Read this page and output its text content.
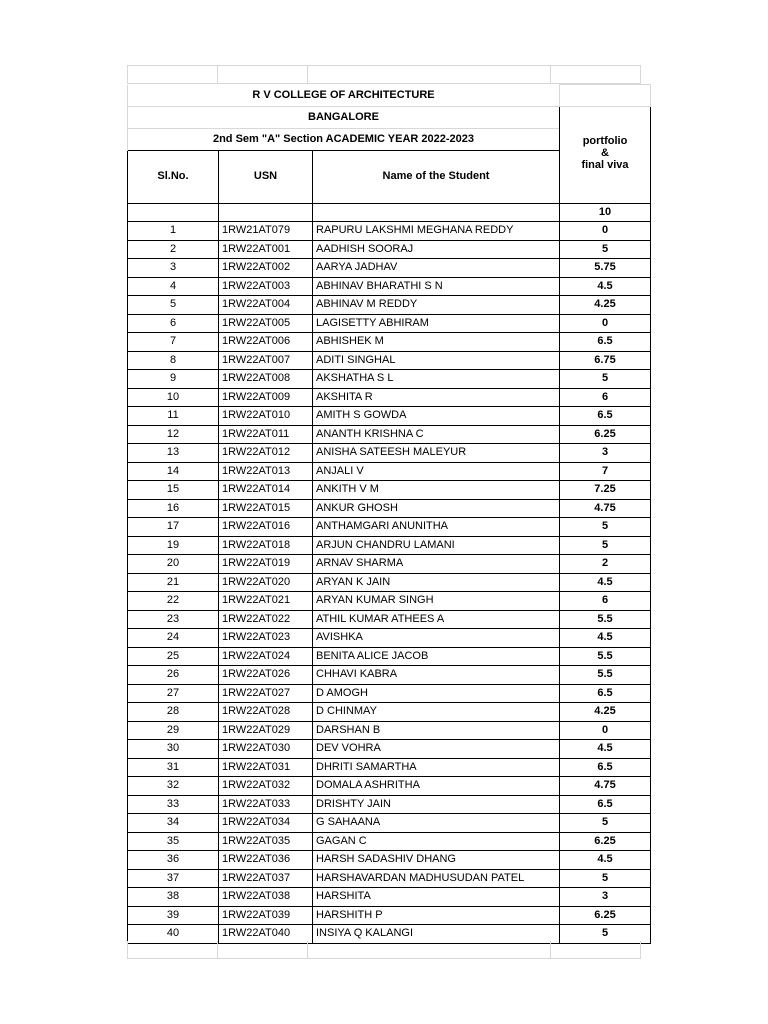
R V COLLEGE OF ARCHITECTURE			
BANGALORE			portfolio
&
final viva

2nd Sem "A" Section ACADEMIC YEAR 2022-2023			
Sl.No.	USN	Name of the Student	
			10
1	1RW21AT079	RAPURU LAKSHMI MEGHANA REDDY	0
2	1RW22AT001	AADHISH SOORAJ	5
3	1RW22AT002	AARYA JADHAV	5.75
4	1RW22AT003	ABHINAV BHARATHI S N	4.5
5	1RW22AT004	ABHINAV M REDDY	4.25
6	1RW22AT005	LAGISETTY ABHIRAM	0
7	1RW22AT006	ABHISHEK M	6.5
8	1RW22AT007	ADITI SINGHAL	6.75
9	1RW22AT008	AKSHATHA S L	5
10	1RW22AT009	AKSHITA R	6
11	1RW22AT010	AMITH S GOWDA	6.5
12	1RW22AT011	ANANTH KRISHNA C	6.25
13	1RW22AT012	ANISHA SATEESH MALEYUR	3
14	1RW22AT013	ANJALI V	7
15	1RW22AT014	ANKITH V M	7.25
16	1RW22AT015	ANKUR GHOSH	4.75
17	1RW22AT016	ANTHAMGARI ANUNITHA	5
19	1RW22AT018	ARJUN CHANDRU LAMANI	5
20	1RW22AT019	ARNAV SHARMA	2
21	1RW22AT020	ARYAN K JAIN	4.5
22	1RW22AT021	ARYAN KUMAR SINGH	6
23	1RW22AT022	ATHIL KUMAR ATHEES A	5.5
24	1RW22AT023	AVISHKA	4.5
25	1RW22AT024	BENITA ALICE JACOB	5.5
26	1RW22AT026	CHHAVI KABRA	5.5
27	1RW22AT027	D AMOGH	6.5
28	1RW22AT028	D CHINMAY	4.25
29	1RW22AT029	DARSHAN B	0
30	1RW22AT030	DEV VOHRA	4.5
31	1RW22AT031	DHRITI SAMARTHA	6.5
32	1RW22AT032	DOMALA ASHRITHA	4.75
33	1RW22AT033	DRISHTY JAIN	6.5
34	1RW22AT034	G SAHAANA	5
35	1RW22AT035	GAGAN C	6.25
36	1RW22AT036	HARSH SADASHIV DHANG	4.5
37	1RW22AT037	HARSHAVARDAN MADHUSUDAN PATEL	5
38	1RW22AT038	HARSHITA	3
39	1RW22AT039	HARSHITH P	6.25
40	1RW22AT040	INSIYA Q KALANGI	5
